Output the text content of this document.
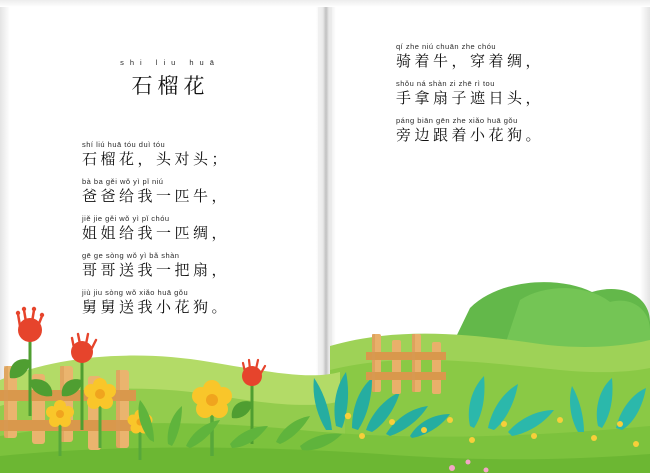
shi liu huā
石榴花
shí liú huā tóu duì tóu
石榴花，头对头；
bà ba gěi wǒ yì pǐ niú
爸爸给我一匹牛，
jiě jie gěi wǒ yì pǐ chóu
姐姐给我一匹绸，
gē ge sòng wǒ yì bǎ shàn
哥哥送我一把扇，
jiù jiu sòng wǒ xiǎo huā gǒu
舅舅送我小花狗。
qí zhe niú chuān zhe chóu
骑着牛，穿着绸，
shǒu ná shàn zi zhē rì tou
手拿扇子遮日头，
páng biān gēn zhe xiǎo huā gǒu
旁边跟着小花狗。
